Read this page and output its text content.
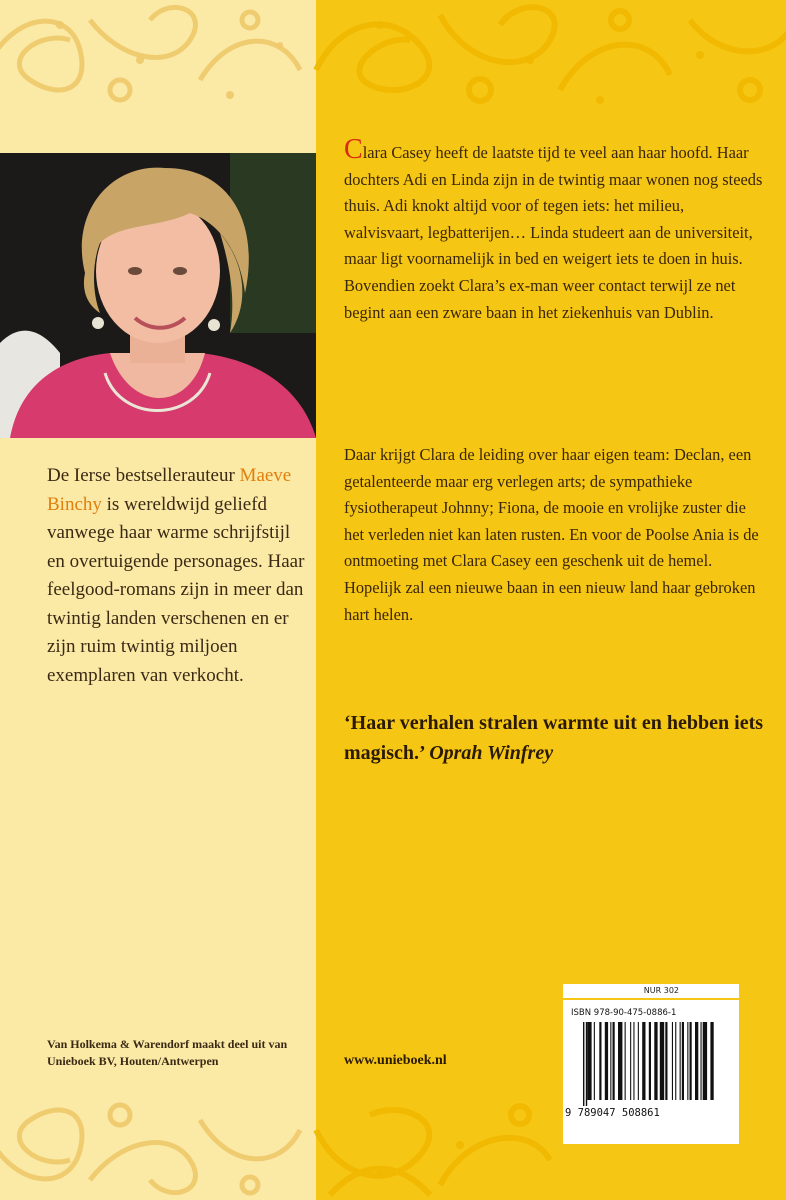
De Ierse bestsellerauteur Maeve Binchy is wereldwijd geliefd vanwege haar warme schrijfstijl en overtuigende personages. Haar feelgood-romans zijn in meer dan twintig landen verschenen en er zijn ruim twintig miljoen exemplaren van verkocht.

Van Holkema & Warendorf maakt deel uit van Unieboek BV, Houten/Antwerpen

Clara Casey heeft de laatste tijd te veel aan haar hoofd. Haar dochters Adi en Linda zijn in de twintig maar wonen nog steeds thuis. Adi knokt altijd voor of tegen iets: het milieu, walvisvaart, legbatterijen… Linda studeert aan de universiteit, maar ligt voornamelijk in bed en weigert iets te doen in huis. Bovendien zoekt Clara’s ex-man weer contact terwijl ze net begint aan een zware baan in het ziekenhuis van Dublin.

Daar krijgt Clara de leiding over haar eigen team: Declan, een getalenteerde maar erg verlegen arts; de sympathieke fysiotherapeut Johnny; Fiona, de mooie en vrolijke zuster die het verleden niet kan laten rusten. En voor de Poolse Ania is de ontmoeting met Clara Casey een geschenk uit de hemel. Hopelijk zal een nieuwe baan in een nieuw land haar gebroken hart helen.

‘Haar verhalen stralen warmte uit en hebben iets magisch.’ Oprah Winfrey

www.unieboek.nl
NUR 302
ISBN 978-90-475-0886-1
9 789047 508861
